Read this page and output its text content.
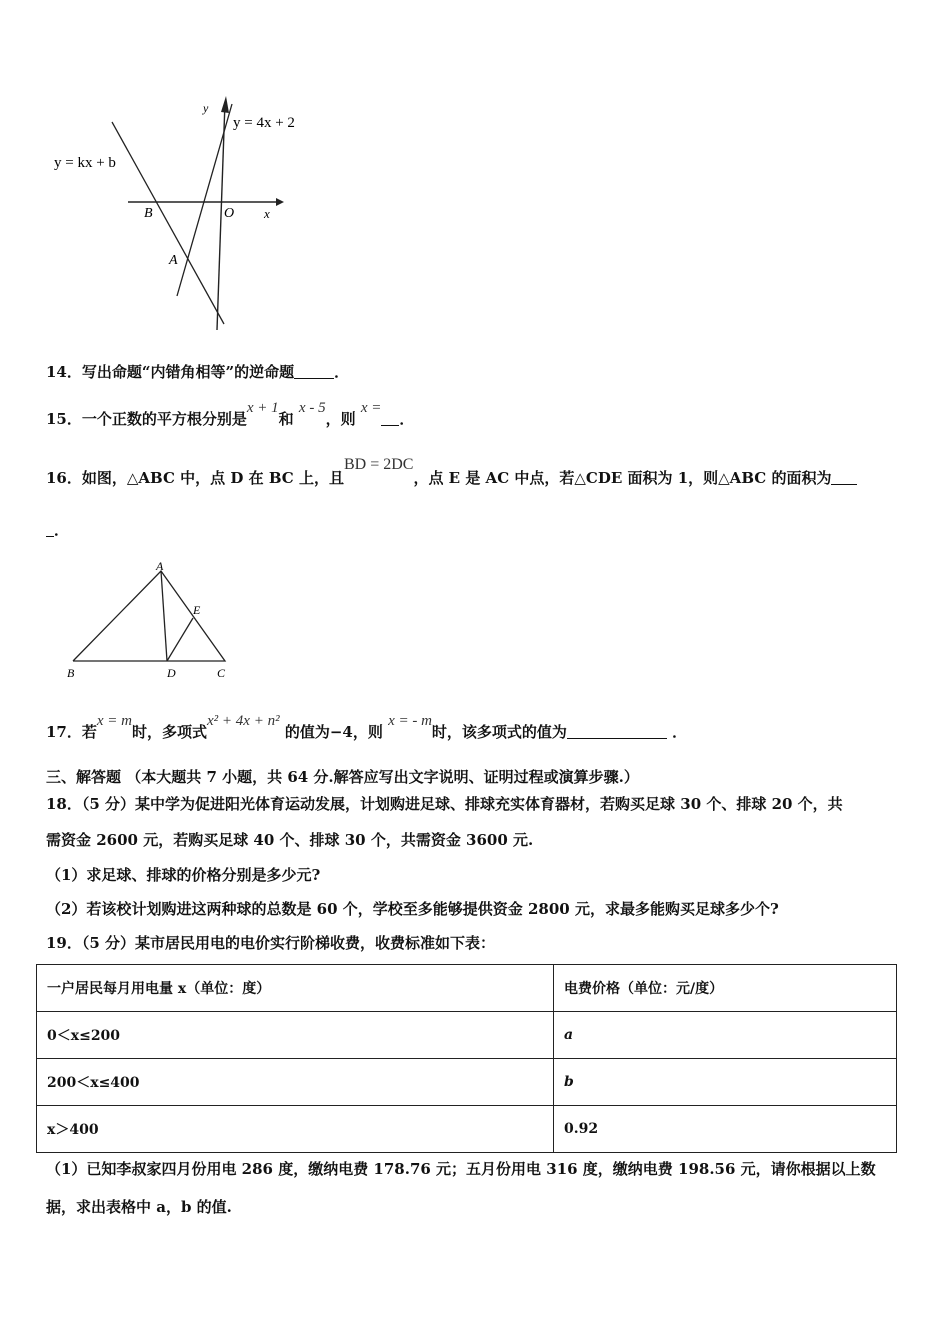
y
y = 4x + 2
y = kx + b
B	O x
A
14．写出命题“内错角相等”的逆命题	．
15．一个正数的平方根分别是x + 1和 x - 5，则 x =．
16．如图，△ABC 中，点 D 在 BC 上，且BD = 2DC，点 E 是 AC 中点，若△CDE 面积为 1，则△ABC 的面积为
．
A
B	C
D
E
17．若x = m时，多项式x² + 4x + n² 的值为−4，则 x = - m时，该多项式的值为	．
三、解答题 （本大题共 7 小题，共 64 分.解答应写出文字说明、证明过程或演算步骤.）
18．（5 分）某中学为促进阳光体育运动发展，计划购进足球、排球充实体育器材，若购买足球 30 个、排球 20 个，共
需资金 2600 元，若购买足球 40 个、排球 30 个，共需资金 3600 元.
（1）求足球、排球的价格分别是多少元?
（2）若该校计划购进这两种球的总数是 60 个，学校至多能够提供资金 2800 元，求最多能购买足球多少个?
19．（5 分）某市居民用电的电价实行阶梯收费，收费标准如下表：
一户居民每月用电量 x（单位：度）	电费价格（单位：元/度）
0＜x≤200	a
200＜x≤400	b
x＞400	0.92
（1）已知李叔家四月份用电 286 度，缴纳电费 178.76 元；五月份用电 316 度，缴纳电费 198.56 元，请你根据以上数
据，求出表格中 a，b 的值.
